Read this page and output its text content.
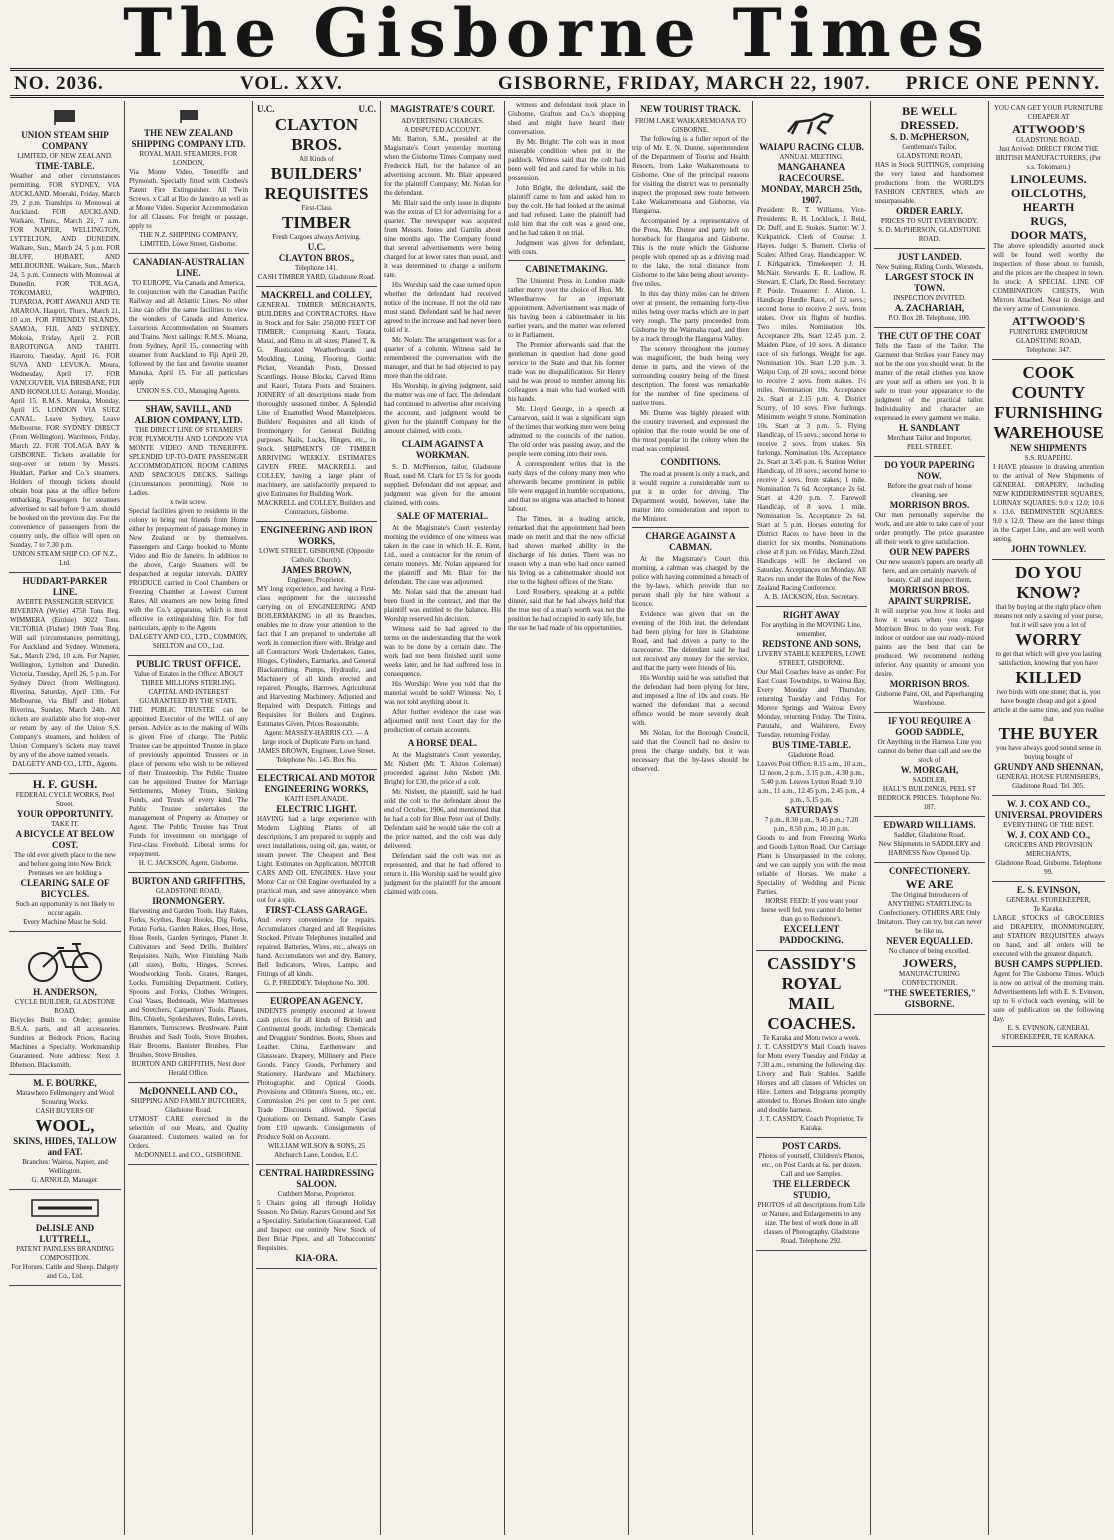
The Gisborne Times
NO. 2036.	VOL. XXV.	GISBORNE, FRIDAY, MARCH 22, 1907. PRICE ONE PENNY.
UNION STEAM SHIP COMPANY
LIMITED, OF NEW ZEALAND.
TIME-TABLE.
Weather and other circumstances permitting. FOR SYDNEY, VIA AUCKLAND. Moeraki, Friday, March 29, 2 p.m. Tranships to Monowai at Auckland. FOR AUCKLAND. Waikare, Thurs., March 21, 7 a.m. FOR NAPIER, WELLINGTON, LYTTELTON, AND DUNEDIN. Waikare, Sun., March 24, 5 p.m. FOR BLUFF, HOBART, AND MELBOURNE. Waikare, Sun., March 24, 5 p.m. Connects with Monowai at Dunedin. FOR TOLAGA, TOKOMARU, WAIPIRO, TUPAROA, PORT AWANUI AND TE ARAROA. Haupiri, Thurs., March 21, 10 a.m. FOR FRIENDLY ISLANDS, SAMOA, FIJI, AND SYDNEY. Mokoia, Friday, April 2. FOR RAROTONGA AND TAHITI. Hauroto, Tuesday, April 16. FOR SUVA AND LEVUKA. Moura, Wednesday, April 17. FOR VANCOUVER, VIA BRISBANE, FIJI AND HONOLULU. Aorangi, Monday, April 15. R.M.S. Manuka, Monday, April 15. LONDON VIA SUEZ CANAL. Leave Sydney, Leave Melbourne. FOR SYDNEY DIRECT (From Wellington). Warrimoo, Friday, March 22. FOR TOLAGA BAY & GISBORNE. Tickets available for stop-over or return by Messrs. Huddart, Parker and Co.'s steamers. Holders of through tickets should obtain boat pass at the office before embarking. Passengers for steamers advertised to sail before 9 a.m. should be booked on the previous day. For the convenience of passengers from the country only, the office will open on Sunday, 7 to 7.30 p.m.
UNION STEAM SHIP CO. OF N.Z., Ltd.
HUDDART-PARKER LINE.
AVERTE PASSENGER SERVICE
RIVERINA (Wylie) 4758 Tons Reg. WIMMERA (Emlsie) 3022 Tons. VICTORIA (Fisher) 1969 Tons Reg. Will sail (circumstances permitting), For Auckland and Sydney. Wimmera, Sat., March 23rd, 10 a.m. For Napier, Wellington, Lyttelton and Dunedin. Victoria, Tuesday, April 26, 5 p.m. For Sydney Direct (from Wellington). Riverina, Saturday, April 13th. For Melbourne, via Bluff and Hobart. Riverina, Sunday, March 24th. All tickets are available also for stop-over or return by any of the Union S.S. Company's steamers, and holders of Union Company's tickets may travel by any of the above named vessels.
DALGETY AND CO., LTD., Agents.
H. F. GUSH.
FEDERAL CYCLE WORKS, Peel Street.
YOUR OPPORTUNITY.
TAKE IT.
A BICYCLE AT BELOW COST.
The old ever giveth place to the new and before going into New Brick Premises we are holding a
CLEARING SALE OF BICYCLES.
Such an opportunity is not likely to occur again.
Every Machine Must be Sold.
H. ANDERSON,
CYCLE BUILDER, GLADSTONE ROAD.
Bicycles Built to Order; genuine B.S.A. parts, and all accessories. Sundries at Bedrock Prices. Racing Machines a Specialty. Workmanship Guaranteed. Note address: Next J. Ibbetson, Blacksmith.
M. F. BOURKE,
Matawhero Fellmongery and Wool Scouring Works.
CASH BUYERS OF
WOOL,
SKINS, HIDES, TALLOW and FAT.
Branches: Wairoa, Napier, and Wellington.
G. ARNOLD, Manager.
DeLISLE AND LUTTRELL,
PATENT PAINLESS BRANDING COMPOSITION.
For Horses, Cattle and Sheep. Dalgety and Co., Ltd.
THE NEW ZEALAND SHIPPING COMPANY LTD.
ROYAL MAIL STEAMERS, FOR LONDON,
Via Monte Video, Teneriffe and Plymouth. Specially fitted with Clothes's Patent Fire Extinguisher. All Twin Screws. x Call at Rio de Janeiro as well as at Monte Video. Superior Accommodation for all Classes. For freight or passage, apply to
THE N.Z. SHIPPING COMPANY, LIMITED, Lowe Street, Gisborne.
CANADIAN-AUSTRALIAN LINE.
TO EUROPE, Via Canada and America,
In conjunction with the Canadian Pacific Railway and all Atlantic Lines. No other Line can offer the same facilities to view the wonders of Canada and America. Luxurious Accommodation on Steamers and Trains. Next sailings: R.M.S. Moana, from Sydney, April 15, connecting with steamer from Auckland to Fiji April 20, followed by the fast and favorite steamer Manuka, April 15. For all particulars apply
UNION S.S. CO., Managing Agents.
SHAW, SAVILL, AND ALBION COMPANY, LTD.
THE DIRECT LINE OF STEAMERS
FOR PLYMOUTH AND LONDON VIA MONTE VIDEO AND TENERIFFE. SPLENDID UP-TO-DATE PASSENGER ACCOMMODATION. ROOM CABINS AND SPACIOUS DECKS. Sailings (circumstances permitting). Note to Ladies.
x twin screw.
Special facilities given to residents in the colony to bring out friends from Home either by prepayment of passage money in New Zealand or by themselves. Passengers and Cargo booked to Monte Video and Rio de Janeiro. In addition to the above, Cargo Steamers will be despatched at regular intervals. DAIRY PRODUCE carried in Cool Chambers or Freezing Chamber at Lowest Current Rates. All steamers are now being fitted with the Co.'s apparatus, which is most effective in extinguishing fire. For full particulars, apply to the Agents
DALGETY AND CO., LTD., COMMON, SHELTON and CO., Ltd.
PUBLIC TRUST OFFICE.
Value of Estates in the Office: ABOUT THREE MILLIONS STERLING.
CAPITAL AND INTEREST GUARANTEED BY THE STATE.
THE PUBLIC TRUSTEE can be appointed Executor of the WILL of any person. Advice as to the making of Wills is given Free of charge. The Public Trustee can be appointed Trustee in place of previously appointed Trustees or in place of persons who wish to be relieved of their Trusteeship. The Public Trustee can be appointed Trustee for Marriage Settlements, Money Trusts, Sinking Funds, and Trusts of every kind. The Public Trustee undertakes the management of Property as Attorney or Agent. The Public Trustee has Trust Funds for investment on mortgage of First-class Freehold. Liberal terms for repayment.
H. C. JACKSON, Agent, Gisborne.
BURTON AND GRIFFITHS,
GLADSTONE ROAD,
IRONMONGERY.
Harvesting and Garden Tools. Hay Rakes, Forks, Scythes, Reap Hooks, Dig Forks, Potato Forks, Garden Rakes, Hoes, Hose, Hose Reels, Garden Syringes, Planet Jr. Cultivators and Seed Drills. Builders' Requisites. Nails, Wire Finishing Nails (all sizes), Bolts, Hinges, Screws. Woodworking Tools. Grates, Ranges, Locks. Furnishing Department. Cutlery, Spoons and Forks, Clothes Wringers, Coal Vases, Bedsteads, Wire Mattresses and Stretchers. Carpenters' Tools. Planes, Bits, Chisels, Spokeshaves, Rules, Levels, Hammers, Turnscrews. Brushware. Paint Brushes and Sash Tools, Stove Brushes, Hair Brooms, Banister Brushes, Flue Brushes, Stove Brushes.
BURTON AND GRIFFITHS, Next door Herald Office.
McDONNELL AND CO.,
SHIPPING AND FAMILY BUTCHERS, Gladstone Road.
UTMOST CARE exercised in the selection of our Meats, and Quality Guaranteed. Customers waited on for Orders.
McDONNELL and CO., GISBORNE.
U.C.	U.C.
CLAYTON BROS.
All Kinds of
BUILDERS'
REQUISITES
First-Class
TIMBER
Fresh Cargoes always Arriving.
U.C.
CLAYTON BROS.,
Telephone 141.
CASH TIMBER YARD, Gladstone Road.
MACKRELL and COLLEY,
GENERAL TIMBER MERCHANTS, BUILDERS and CONTRACTORS. Have in Stock and for Sale: 250,000 FEET OF TIMBER, Comprising Kauri, Totara, Matai, and Rimu in all sizes; Planed T. & G. Rusticated Weatherboards and Moulding, Lining, Flooring, Gothic Picket, Verandah Posts, Dressed Scantlings. House Blocks, Carved Rimu and Kauri, Totara Posts and Strainers. JOINERY of all descriptions made from thoroughly seasoned timber. A Splendid Line of Enamelled Wood Mantelpieces. Builders' Requisites and all kinds of Ironmongery for General Building purposes. Nails, Locks, Hinges, etc., in Stock. SHIPMENTS OF TIMBER ARRIVING WEEKLY. ESTIMATES GIVEN FREE. MACKRELL and COLLEY, having a large plant of machinery, are satisfactorily prepared to give Estimates for Building Work.
MACKRELL and COLLEY, Builders and Contractors, Gisborne.
ENGINEERING AND IRON WORKS,
LOWE STREET, GISBORNE (Opposite Catholic Church).
JAMES BROWN,
Engineer, Proprietor.
MY long experience, and having a First-class equipment for the successful carrying on of ENGINEERING AND BOILERMAKING in all its Branches, enables me to draw your attention to the fact that I am prepared to undertake all work in connection there with. Bridge and all Contractors' Work Undertaken. Gates, Hinges, Cylinders, Earmarks, and General Blacksmithing. Pumps, Hydraulic, and Machinery of all kinds erected and repaired. Ploughs, Harrows, Agricultural and Harvesting Machinery. Adjusted and Repaired with Despatch. Fittings and Requisites for Boilers and Engines. Estimates Given. Prices Reasonable.
Agent: MASSEY-HARRIS CO. — A large stock of Duplicate Parts on hand.
JAMES BROWN, Engineer, Lowe Street. Telephone No. 145. Box No.
ELECTRICAL AND MOTOR ENGINEERING WORKS,
KAITI ESPLANADE.
ELECTRIC LIGHT.
HAVING had a large experience with Modern Lighting Plants of all descriptions, I am prepared to supply and erect installations, using oil, gas, water, or steam power. The Cheapest and Best Light. Estimates on Application. MOTOR CARS AND OIL ENGINES. Have your Motor Car or Oil Engine overhauled by a practical man, and save annoyance when out for a spin.
FIRST-CLASS GARAGE.
And every convenience for repairs. Accumulators charged and all Requisites Stocked. Private Telephones installed and repaired. Batteries, Wires, etc., always on hand. Accumulators wet and dry. Battery, Bell Indicators, Wires, Lamps, and Fittings of all kinds.
G. P. FREDDEY. Telephone No. 300.
EUROPEAN AGENCY.
INDENTS promptly executed at lowest cash prices for all kinds of British and Continental goods, including: Chemicals and Druggists' Sundries. Boots, Shoes and Leather. China, Earthenware and Glassware. Drapery, Millinery and Piece Goods. Fancy Goods, Perfumery and Stationery. Hardware and Machinery. Photographic and Optical Goods. Provisions and Oilmen's Stores, etc., etc. Commission 2½ per cent to 5 per cent. Trade Discounts allowed. Special Quotations on Demand. Sample Cases from £10 upwards. Consignments of Produce Sold on Account.
WILLIAM WILSON & SONS, 25 Abchurch Lane, London, E.C.
CENTRAL HAIRDRESSING SALOON.
Cuthbert Morse, Proprietor.
5 Chairs going all through Holiday Season. No Delay. Razors Ground and Set a Speciality. Satisfaction Guaranteed. Call and Inspect our entirely New Stock of Best Briar Pipes, and all Tobacconists' Requisites.
KIA-ORA.
MAGISTRATE'S COURT.
ADVERTISING CHARGES.
A DISPUTED ACCOUNT.

Mr. Barton, S.M., presided at the Magistrate's Court yesterday morning when the Gisborne Times Company sued Frederick Hall, for the balance of an advertising account. Mr. Blair appeared for the plaintiff Company; Mr. Nolan for the defendant.

Mr. Blair said the only issue in dispute was the extras of £3 for advertising for a quarter. The newspaper was acquired from Messrs. Jones and Gamlin about nine months ago. The Company found that several advertisements were being charged for at lower rates than usual, and it was determined to charge a uniform rate.

His Worship said the case turned upon whether the defendant had received notice of the increase. If not the old rate must stand. Defendant said he had never agreed to the increase and had never been told of it.

Mr. Nolan: The arrangement was for a quarter of a column. Witness said he remembered the conversation with the manager, and that he had objected to pay more than the old rate.

His Worship, in giving judgment, said the matter was one of fact. The defendant had continued to advertise after receiving the account, and judgment would be given for the plaintiff Company for the amount claimed, with costs.

CLAIM AGAINST A WORKMAN.

S. D. McPherson, tailor, Gladstone Road, sued M. Clark for £5 5s for goods supplied. Defendant did not appear, and judgment was given for the amount claimed, with costs.

SALE OF MATERIAL.

At the Magistrate's Court yesterday morning the evidence of one witness was taken in the case in which H. E. Kent, Ltd., sued a contractor for the return of certain moneys. Mr. Nolan appeared for the plaintiff and Mr. Blair for the defendant. The case was adjourned.

Mr. Nolan said that the amount had been fixed in the contract, and that the plaintiff was entitled to the balance. His Worship reserved his decision.

Witness said he had agreed to the terms on the understanding that the work was to be done by a certain date. The work had not been finished until some weeks later, and he had suffered loss in consequence.

His Worship: Were you told that the material would be sold? Witness: No, I was not told anything about it.

After further evidence the case was adjourned until next Court day for the production of certain accounts.

A HORSE DEAL.

At the Magistrate's Court yesterday, Mr. Nisbett (Mr. T. Alston Coleman) proceeded against John Nisbett (Mr. Bright) for £30, the price of a colt.

Mr. Nisbett, the plaintiff, said he had sold the colt to the defendant about the end of October, 1906, and mentioned that he had a colt for Blue Peter out of Dolly. Defendant said he would take the colt at the price named, and the colt was duly delivered.

Defendant said the colt was not as represented, and that he had offered to return it. His Worship said he would give judgment for the plaintiff for the amount claimed with costs.

witness and defendant took place in Gisborne, Grafton and Co.'s shopping shed and might have heard their conversation.

By Mr. Bright: The colt was in most miserable condition when put in the paddock. Witness said that the colt had been well fed and cared for while in his possession.

John Bright, the defendant, said the plaintiff came to him and asked him to buy the colt. He had looked at the animal and had refused. Later the plaintiff had told him that the colt was a good one, and he had taken it on trial.

Judgment was given for defendant, with costs.

CABINETMAKING.

The Unionist Press in London made rather merry over the choice of Hon. Mr. Wheelbarrow for an important appointment. Advertisement was made of his having been a cabinetmaker in his earlier years, and the matter was referred to in Parliament.

The Premier afterwards said that the gentleman in question had done good service to the State and that his former trade was no disqualification. Sir Henry said he was proud to number among his colleagues a man who had worked with his hands.

Mr. Lloyd George, in a speech at Carnarvon, said it was a significant sign of the times that working men were being admitted to the councils of the nation. The old order was passing away, and the people were coming into their own.

A correspondent writes that in the early days of the colony many men who afterwards became prominent in public life were engaged in humble occupations, and that no stigma was attached to honest labour.

The Times, in a leading article, remarked that the appointment had been made on merit and that the new official had shown marked ability in the discharge of his duties. There was no reason why a man who had once earned his living as a cabinetmaker should not rise to the highest offices of the State.

Lord Rosebery, speaking at a public dinner, said that he had always held that the true test of a man's worth was not the position he had occupied in early life, but the use he had made of his opportunities.

NEW TOURIST TRACK.
FROM LAKE WAIKAREMOANA TO GISBORNE.

The following is a fuller report of the trip of Mr. E. N. Dunne, superintendent of the Department of Tourist and Health Resorts, from Lake Waikaremoana to Gisborne. One of the principal reasons for visiting the district was to personally inspect the proposed new route between Lake Waikaremoana and Gisborne, via Hangaroa.

Accompanied by a representative of the Press, Mr. Dunne and party left on horseback for Hangaroa and Gisborne. This is the route which the Gisborne people wish opened up as a driving road to the lake, the total distance from Gisborne to the lake being about seventy-five miles.

In this day thirty miles can be driven over at present, the remaining forty-five miles being over tracks which are in part very rough. The party proceeded from Gisborne by the Waimaha road, and then by a track through the Hangaroa Valley.

The scenery throughout the journey was magnificent, the bush being very dense in parts, and the views of the surrounding country being of the finest description. The forest was remarkable for the number of fine specimens of native trees.

Mr. Dunne was highly pleased with the country traversed, and expressed the opinion that the route would be one of the most popular in the colony when the road was completed.

CONDITIONS.

The road at present is only a track, and it would require a considerable sum to put it in order for driving. The Department would, however, take the matter into consideration and report to the Minister.

CHARGE AGAINST A CABMAN.

At the Magistrate's Court this morning, a cabman was charged by the police with having committed a breach of the by-laws, which provide that no person shall ply for hire without a licence.

Evidence was given that on the evening of the 16th inst. the defendant had been plying for hire in Gladstone Road, and had driven a party to the racecourse. The defendant said he had not received any money for the service, and that the party were friends of his.

His Worship said he was satisfied that the defendant had been plying for hire, and imposed a fine of 10s and costs. He warned the defendant that a second offence would be more severely dealt with.

Mr. Nolan, for the Borough Council, said that the Council had no desire to press the charge unduly, but it was necessary that the by-laws should be observed.

WAIAPU RACING CLUB.
ANNUAL MEETING.
MANGAHANEA RACECOURSE.
MONDAY, MARCH 25th, 1907.
President: R. T. Williams. Vice-Presidents: R. H. Locklock, J. Reid, Dr. Duff, and E. Stokes. Starter: W. J. Kirkpatrick. Clerk of Course: J. Hayes. Judge: S. Burnett. Clerks of Scales: Alfred Gray. Handicapper: W. J. Kirkpatrick. Timekeeper: J. H. McNair. Stewards: E. R. Ludlow, R. Stewart, E. Clark, Dr. Reed. Secretary: P. Poole. Treasurer: J. Alston. 1. Handicap Hurdle Race, of 12 sovs.; second horse to receive 2 sovs. from stakes. Over six flights of hurdles. Two miles. Nomination 10s. Acceptance 20s. Start 12.45 p.m. 2. Maiden Plate, of 10 sovs. A distance race of six furlongs. Weight for age. Nomination 10s. Start 1.20 p.m. 3. Waipu Cup, of 20 sovs.; second horse to receive 2 sovs. from stakes. 1½ miles. Nomination 10s. Acceptance 2s. Start at 2.15 p.m. 4. District Scurry, of 10 sovs. Five furlongs. Minimum weight 9 stone. Nomination 10s. Start at 3 p.m. 5. Flying Handicap, of 15 sovs.; second horse to receive 2 sovs. from stakes. Six furlongs. Nomination 10s. Acceptance 2s. Start at 3.45 p.m. 6. Station Welter Handicap, of 10 sovs.; second horse to receive 2 sovs. from stakes; 1 mile. Nomination 7s 6d. Acceptance 2s 6d. Start at 4.20 p.m. 7. Farewell Handicap, of 8 sovs. 1 mile. Nomination 5s. Acceptance 2s 6d. Start at 5 p.m. Horses entering for District Races to have been in the district for six months. Nominations close at 8 p.m. on Friday, March 22nd. Handicaps will be declared on Saturday. Acceptances on Monday. All Races run under the Rules of the New Zealand Racing Conference.
A. B. JACKSON, Hon. Secretary.
RIGHT AWAY
For anything in the MOVING Line, remember,
REDSTONE AND SONS,
LIVERY STABLE KEEPERS, LOWE STREET, GISBORNE.
Our Mail Coaches leave as under: For East Coast Townships, to Wairoa Bay, Every Monday and Thursday, returning Tuesday and Friday. For Morere Springs and Wairoa: Every Monday, returning Friday. The Tinira, Patutahi, and Waihirere, Every Tuesday, returning Friday.
BUS TIME-TABLE.
Gladstone Road.
Leaves Post Office: 8.15 a.m., 10 a.m., 12 noon, 2 p.m., 3.15 p.m., 4.30 p.m., 5.40 p.m. Leaves Lytton Road: 9.10 a.m., 11 a.m., 12.45 p.m., 2.45 p.m., 4 p.m., 5.15 p.m.
SATURDAYS
7 p.m., 8.30 p.m., 9.45 p.m.; 7.20 p.m., 8.50 p.m., 10.10 p.m.
Goods to and from Freezing Works and Goods Lytton Road. Our Carriage Plant is Unsurpassed in the colony, and we can supply you with the most reliable of Horses. We make a Speciality of Wedding and Picnic Parties.
HORSE FEED: If you want your horse well fed, you cannot do better than go to Redstone's.
EXCELLENT PADDOCKING.
CASSIDY'S
ROYAL MAIL
COACHES.
Te Karaka and Motu twice a week.
J. T. CASSIDY'S Mail Coach leaves for Motu every Tuesday and Friday at 7.30 a.m., returning the following day. Livery and Bait Stables. Saddle Horses and all classes of Vehicles on Hire. Letters and Telegrams promptly attended to. Horses Broken into single and double harness.
J. T. CASSIDY, Coach Proprietor, Te Karaka.
POST CARDS.
Photos of yourself, Children's Photos, etc., on Post Cards at 6s. per dozen. Call and see Samples.
THE ELLERDECK STUDIO,
PHOTOS of all descriptions from Life or Nature, and Enlargements to any size. The best of work done in all classes of Photography. Gladstone Road. Telephone 292.
BE WELL DRESSED.
S. D. McPHERSON,
Gentleman's Tailor,
GLADSTONE ROAD,
HAS in Stock SUITINGS, comprising the very latest and handsomest productions from the WORLD'S FASHION CENTRES, which are unsurpassable.
ORDER EARLY.
PRICES TO SUIT EVERYBODY.
S. D. McPHERSON, GLADSTONE ROAD.
JUST LANDED.
New Suiting, Riding Cords, Worsteds,
LARGEST STOCK IN TOWN.
INSPECTION INVITED.
A. ZACHARIAH,
P.O. Box 28. Telephone, 100.
THE CUT OF THE COAT
Tells the Taste of the Tailor. The Garment that Strikes your Fancy may not be the one you should wear. In the matter of the retail clothes you know are your self as others see you. It is safe to trust your appearance to the judgment of the practical tailor. Individuality and character are expressed in every garment we make.
H. SANDLANT
Merchant Tailor and Importer,
PEEL STREET.
DO YOUR PAPERING NOW.
Before the great rush of house cleaning, see
MORRISON BROS.
Our men personally supervise the work, and are able to take care of your order promptly. The price guarantee all their work to give satisfaction.
OUR NEW PAPERS
Our new season's papers are nearly all here, and are certainly marvels of beauty. Call and inspect them.
MORRISON BROS.
APAINT SURPRISE.
It will surprise you how it looks and how it wears when you engage Morrison Bros. to do your work. For indoor or outdoor use our ready-mixed paints are the best that can be produced. We recommend nothing inferior. Any quantity or amount you desire.
MORRISON BROS.
Gisborne Paint, Oil, and Paperhanging Warehouse.
IF YOU REQUIRE A GOOD SADDLE,
Or Anything in the Harness Line you cannot do better than call and see the stock of
W. MORGAH,
SADDLER,
HALL'S BUILDINGS, PEEL ST BEDROCK PRICES. Telephone No. 187.
EDWARD WILLIAMS.
Saddler, Gladstone Road.
New Shipments in SADDLERY and HARNESS Now Opened Up.
CONFECTIONERY.
WE ARE
The Original Introducers of ANYTHING STARTLING In Confectionery. OTHERS ARE Only Imitators. They can try, but can never be like us.
NEVER EQUALLED.
No chance of being excelled.
JOWERS,
MANUFACTURING CONFECTIONER.
"THE SWEETERIES," GISBORNE.
YOU CAN GET YOUR FURNITURE CHEAPER AT
ATTWOOD'S
GLADSTONE ROAD.
Just Arrived: DIRECT FROM THE BRITISH MANUFACTURERS, (Per s.s. Tokomaru.)
LINOLEUMS.
OILCLOTHS,
HEARTH
RUGS,
DOOR MATS,
The above splendidly assorted stock will be found well worthy the inspection of those about to furnish, and the prices are the cheapest in town. In stock: A SPECIAL LINE OF COMBINATION CHESTS, With Mirrors Attached. Neat in design and the very acme of Convenience.
ATTWOOD'S
FURNITURE EMPORIUM
GLADSTONE ROAD,
Telephone: 347.
COOK
COUNTY
FURNISHING
WAREHOUSE
NEW SHIPMENTS
S.S. RUAPEHU.
I HAVE pleasure in drawing attention to the arrival of New Shipments of GENERAL DRAPERY, including NEW KIDDERMINSTER SQUARES, LORNAY SQUARES: 9.0 x 12.0; 10.6 x 13.6. BEDMINSTER SQUARES: 9.0 x 12.0. These are the latest things in the Carpet Line, and are well worth seeing.
JOHN TOWNLEY.
DO YOU KNOW?
that by buying at the right place often means not only a saving of your purse, but it will save you a lot of
WORRY
to get that which will give you lasting satisfaction, knowing that you have
KILLED
two birds with one stone; that is, you have bought cheap and got a good article at the same time, and you realise that
THE BUYER
you have always good sound sense in buying bought of
GRUNDY AND SHENNAN,
GENERAL HOUSE FURNISHERS,
Gladstone Road. Tel. 305.
W. J. COX AND CO.,
UNIVERSAL PROVIDERS
EVERYTHING OF THE BEST.
W. J. COX AND CO.,
GROCERS AND PROVISION MERCHANTS,
Gladstone Road, Gisborne. Telephone 99.
E. S. EVINSON,
GENERAL STOREKEEPER,
Te Karaka.
LARGE STOCKS of GROCERIES and DRAPERY, IRONMONGERY, and STATION REQUISITES always on hand, and all orders will be executed with the greatest dispatch.
BUSH CAMPS SUPPLIED.
Agent for The Gisborne Times. Which is now on arrival of the morning train. Advertisements left with E. S. Evinson, up to 6 o'clock each evening, will be sure of publication on the following day.
E. S. EVINSON, GENERAL STOREKEEPER, TE KARAKA.
